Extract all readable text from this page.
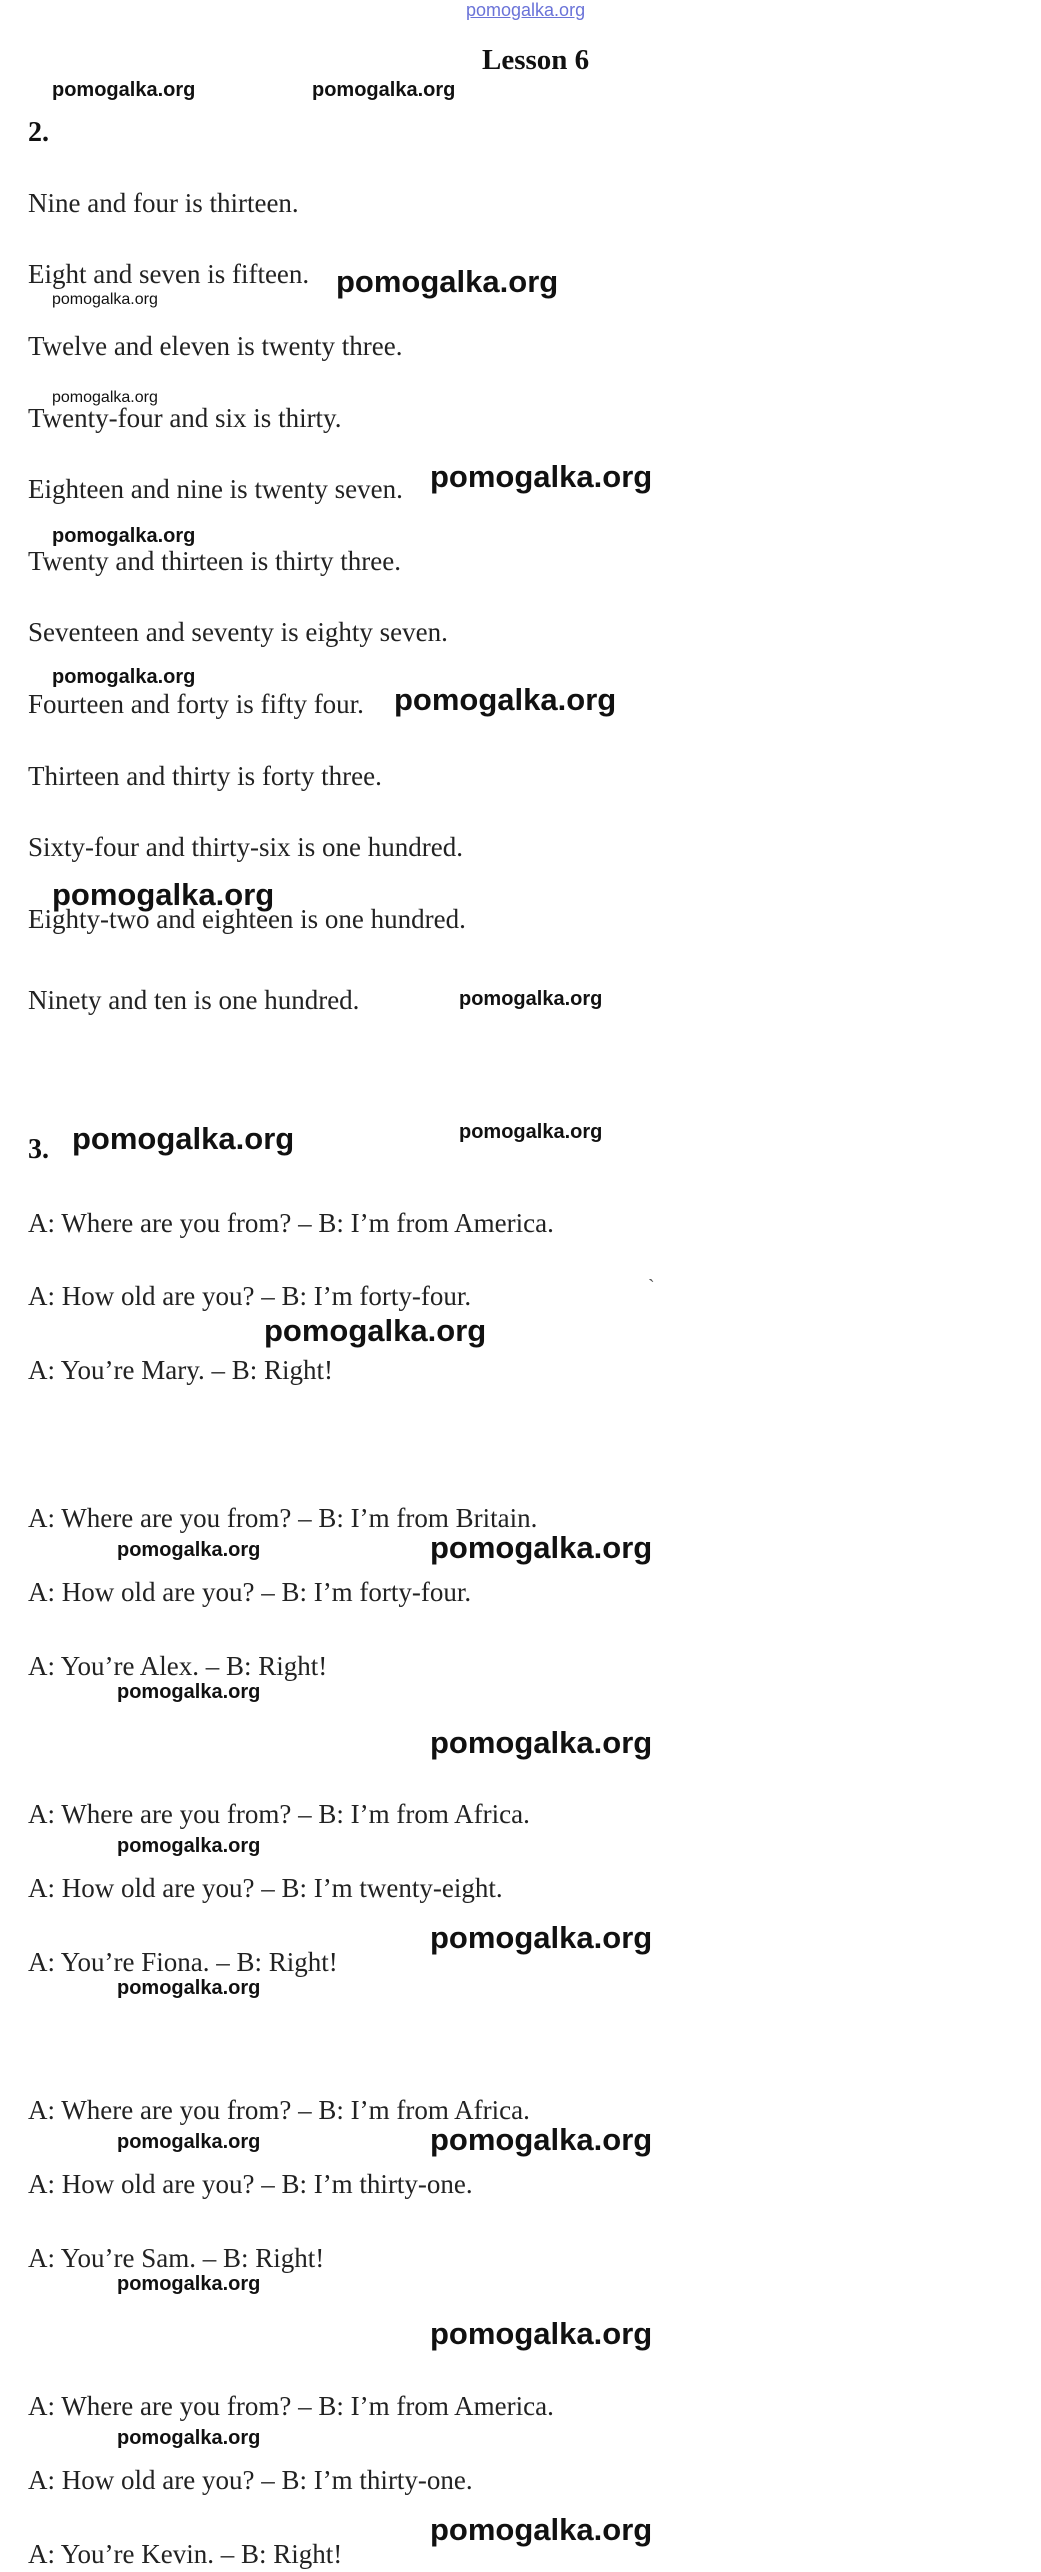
pomogalka.org
Lesson 6
2.
Nine and four is thirteen.
Eight and seven is fifteen.
Twelve and eleven is twenty three.
Twenty-four and six is thirty.
Eighteen and nine is twenty seven.
Twenty and thirteen is thirty three.
Seventeen and seventy is eighty seven.
Fourteen and forty is fifty four.
Thirteen and thirty is forty three.
Sixty-four and thirty-six is one hundred.
Eighty-two and eighteen is one hundred.
Ninety and ten is one hundred.
3.
A: Where are you from? – B: I’m from America.
A: How old are you? – B: I’m forty-four.
A: You’re Mary. – B: Right!
A: Where are you from? – B: I’m from Britain.
A: How old are you? – B: I’m forty-four.
A: You’re Alex. – B: Right!
A: Where are you from? – B: I’m from Africa.
A: How old are you? – B: I’m twenty-eight.
A: You’re Fiona. – B: Right!
A: Where are you from? – B: I’m from Africa.
A: How old are you? – B: I’m thirty-one.
A: You’re Sam. – B: Right!
A: Where are you from? – B: I’m from America.
A: How old are you? – B: I’m thirty-one.
A: You’re Kevin. – B: Right!
`
pomogalka.org	pomogalka.org
pomogalka.org
pomogalka.org
pomogalka.org
pomogalka.org
pomogalka.org
pomogalka.org
pomogalka.org
pomogalka.org
pomogalka.org
pomogalka.org	pomogalka.org
pomogalka.org
pomogalka.org	pomogalka.org
pomogalka.org
pomogalka.org
pomogalka.org
pomogalka.org
pomogalka.org
pomogalka.org
pomogalka.org
pomogalka.org
pomogalka.org
pomogalka.org
pomogalka.org
